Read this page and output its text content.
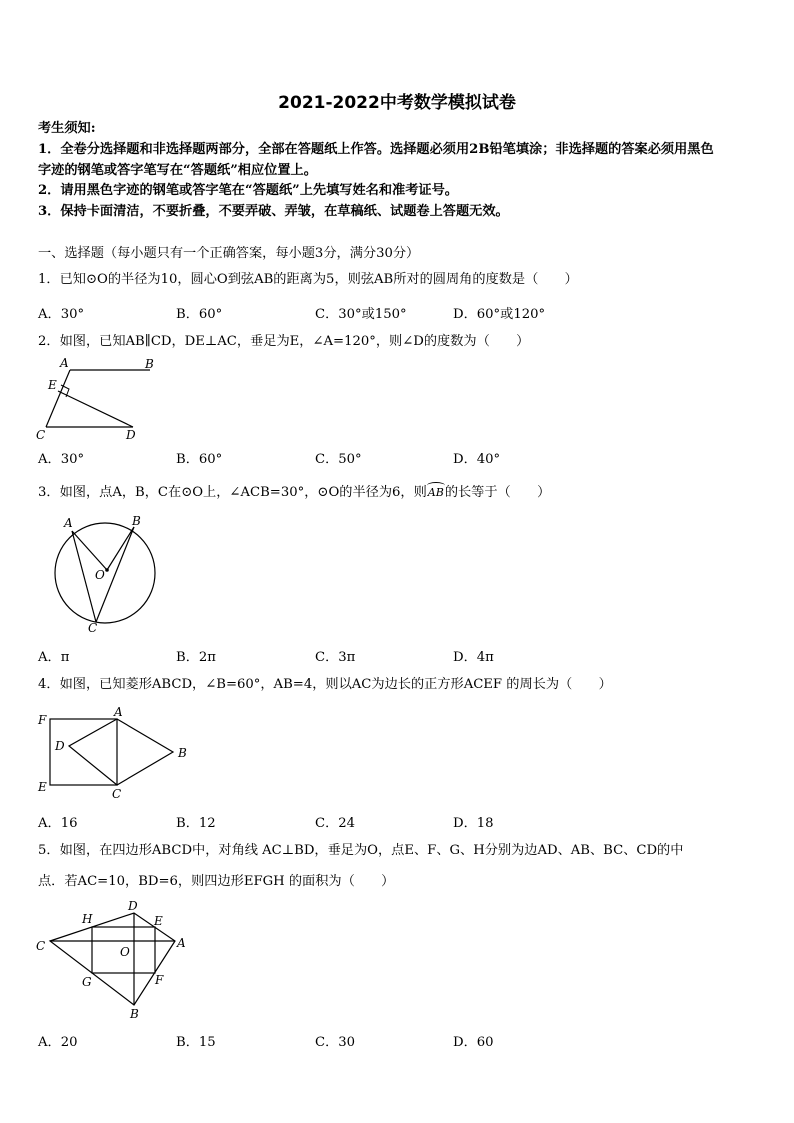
2021-2022中考数学模拟试卷
考生须知:
1．全卷分选择题和非选择题两部分，全部在答题纸上作答。选择题必须用2B铅笔填涂；非选择题的答案必须用黑色
字迹的钢笔或答字笔写在“答题纸”相应位置上。
2．请用黑色字迹的钢笔或答字笔在“答题纸”上先填写姓名和准考证号。
3．保持卡面清洁，不要折叠，不要弄破、弄皱，在草稿纸、试题卷上答题无效。
一、选择题（每小题只有一个正确答案，每小题3分，满分30分）
1．已知⊙O的半径为10，圆心O到弦AB的距离为5，则弦AB所对的圆周角的度数是（　　）
A．30°	B．60°	C．30°或150°	D．60°或120°
2．如图，已知AB∥CD，DE⊥AC，垂足为E，∠A=120°，则∠D的度数为（　　）
A	B
E
C	D
A．30°	B．60°	C．50°	D．40°
3．如图，点A，B，C在⊙O上，∠ACB=30°，⊙O的半径为6，则
AB的长等于（　　）
A	B
O
C
A．π	B．2π	C．3π	D．4π
4．如图，已知菱形ABCD，∠B=60°，AB=4，则以AC为边长的正方形ACEF 的周长为（　　）
F
A
D	B
E	C
A．16	B．12	C．24	D．18
5．如图，在四边形ABCD中，对角线 AC⊥BD，垂足为O，点E、F、G、H分别为边AD、AB、BC、CD的中
点．若AC=10，BD=6，则四边形EFGH 的面积为（　　）
D
H	E
C	O
A
G	F
B
A．20	B．15	C．30	D．60
